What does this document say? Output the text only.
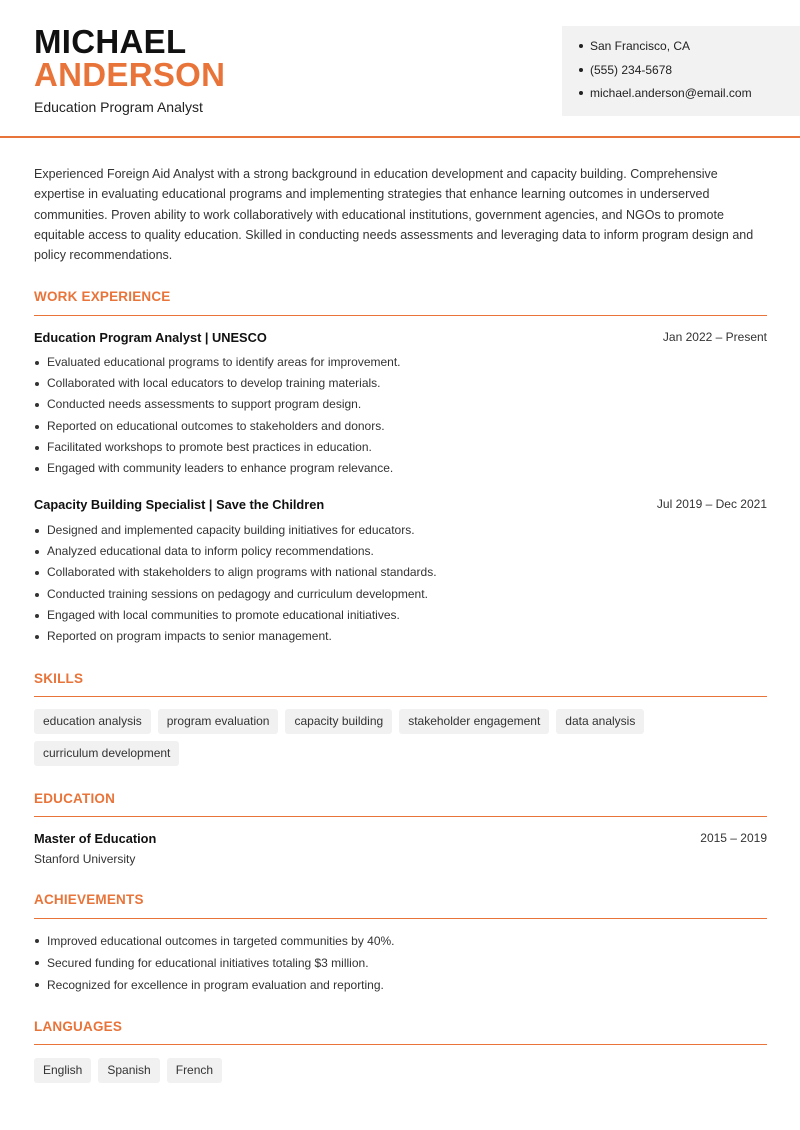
MICHAEL
ANDERSON
Education Program Analyst
San Francisco, CA
(555) 234-5678
michael.anderson@email.com

Experienced Foreign Aid Analyst with a strong background in education development and capacity building. Comprehensive expertise in evaluating educational programs and implementing strategies that enhance learning outcomes in underserved communities. Proven ability to work collaboratively with educational institutions, government agencies, and NGOs to promote equitable access to quality education. Skilled in conducting needs assessments and leveraging data to inform program design and policy recommendations.

WORK EXPERIENCE
Education Program Analyst | UNESCO	Jan 2022 – Present
Evaluated educational programs to identify areas for improvement.
Collaborated with local educators to develop training materials.
Conducted needs assessments to support program design.
Reported on educational outcomes to stakeholders and donors.
Facilitated workshops to promote best practices in education.
Engaged with community leaders to enhance program relevance.
Capacity Building Specialist | Save the Children	Jul 2019 – Dec 2021
Designed and implemented capacity building initiatives for educators.
Analyzed educational data to inform policy recommendations.
Collaborated with stakeholders to align programs with national standards.
Conducted training sessions on pedagogy and curriculum development.
Engaged with local communities to promote educational initiatives.
Reported on program impacts to senior management.
SKILLS
education analysis	program evaluation	capacity building	stakeholder engagement	data analysis
curriculum development
EDUCATION
Master of Education	2015 – 2019
Stanford University
ACHIEVEMENTS
Improved educational outcomes in targeted communities by 40%.
Secured funding for educational initiatives totaling $3 million.
Recognized for excellence in program evaluation and reporting.
LANGUAGES
English	Spanish	French
